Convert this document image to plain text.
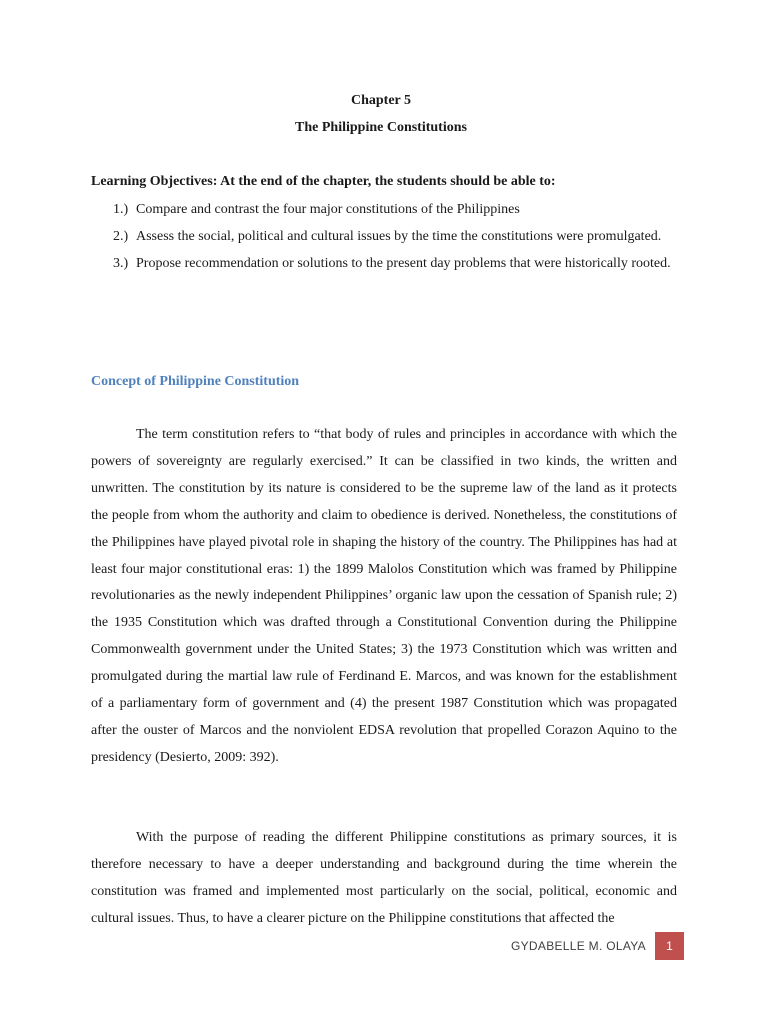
Chapter 5
The Philippine Constitutions
Learning Objectives: At the end of the chapter, the students should be able to:
1.) Compare and contrast the four major constitutions of the Philippines
2.) Assess the social, political and cultural issues by the time the constitutions were promulgated.
3.) Propose recommendation or solutions to the present day problems that were historically rooted.
Concept of Philippine Constitution

The term constitution refers to “that body of rules and principles in accordance with which the powers of sovereignty are regularly exercised.” It can be classified in two kinds, the written and unwritten. The constitution by its nature is considered to be the supreme law of the land as it protects the people from whom the authority and claim to obedience is derived. Nonetheless, the constitutions of the Philippines have played pivotal role in shaping the history of the country. The Philippines has had at least four major constitutional eras: 1) the 1899 Malolos Constitution which was framed by Philippine revolutionaries as the newly independent Philippines’ organic law upon the cessation of Spanish rule; 2) the 1935 Constitution which was drafted through a Constitutional Convention during the Philippine Commonwealth government under the United States; 3) the 1973 Constitution which was written and promulgated during the martial law rule of Ferdinand E. Marcos, and was known for the establishment of a parliamentary form of government and (4) the present 1987 Constitution which was propagated after the ouster of Marcos and the nonviolent EDSA revolution that propelled Corazon Aquino to the presidency (Desierto, 2009: 392).

With the purpose of reading the different Philippine constitutions as primary sources, it is therefore necessary to have a deeper understanding and background during the time wherein the constitution was framed and implemented most particularly on the social, political, economic and cultural issues. Thus, to have a clearer picture on the Philippine constitutions that affected the

GYDABELLE M. OLAYA	1
